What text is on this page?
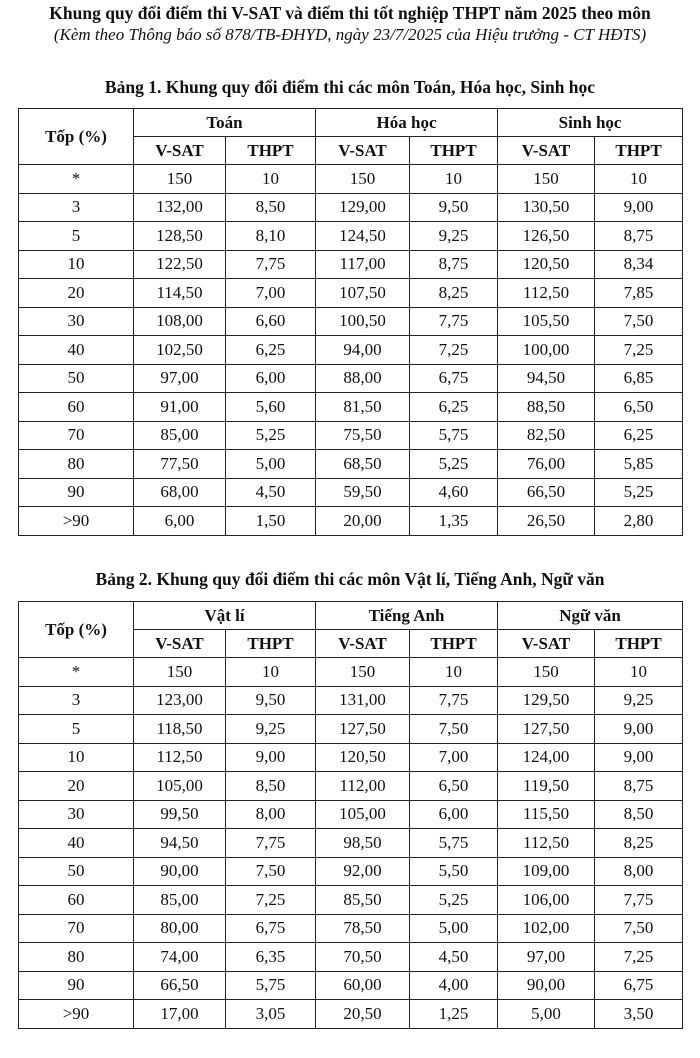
Khung quy đổi điểm thi V-SAT và điểm thi tốt nghiệp THPT năm 2025 theo môn
(Kèm theo Thông báo số 878/TB-ĐHYD, ngày 23/7/2025 của Hiệu trưởng - CT HĐTS)
Bảng 1. Khung quy đổi điểm thi các môn Toán, Hóa học, Sinh học
Tốp (%)	Toán		Hóa học		Sinh học	
	V-SAT	THPT	V-SAT	THPT	V-SAT	THPT
*	150	10	150	10	150	10
3	132,00	8,50	129,00	9,50	130,50	9,00
5	128,50	8,10	124,50	9,25	126,50	8,75
10	122,50	7,75	117,00	8,75	120,50	8,34
20	114,50	7,00	107,50	8,25	112,50	7,85
30	108,00	6,60	100,50	7,75	105,50	7,50
40	102,50	6,25	94,00	7,25	100,00	7,25
50	97,00	6,00	88,00	6,75	94,50	6,85
60	91,00	5,60	81,50	6,25	88,50	6,50
70	85,00	5,25	75,50	5,75	82,50	6,25
80	77,50	5,00	68,50	5,25	76,00	5,85
90	68,00	4,50	59,50	4,60	66,50	5,25
>90	6,00	1,50	20,00	1,35	26,50	2,80
Bảng 2. Khung quy đổi điểm thi các môn Vật lí, Tiếng Anh, Ngữ văn
Tốp (%)	Vật lí		Tiếng Anh		Ngữ văn	
	V-SAT	THPT	V-SAT	THPT	V-SAT	THPT
*	150	10	150	10	150	10
3	123,00	9,50	131,00	7,75	129,50	9,25
5	118,50	9,25	127,50	7,50	127,50	9,00
10	112,50	9,00	120,50	7,00	124,00	9,00
20	105,00	8,50	112,00	6,50	119,50	8,75
30	99,50	8,00	105,00	6,00	115,50	8,50
40	94,50	7,75	98,50	5,75	112,50	8,25
50	90,00	7,50	92,00	5,50	109,00	8,00
60	85,00	7,25	85,50	5,25	106,00	7,75
70	80,00	6,75	78,50	5,00	102,00	7,50
80	74,00	6,35	70,50	4,50	97,00	7,25
90	66,50	5,75	60,00	4,00	90,00	6,75
>90	17,00	3,05	20,50	1,25	5,00	3,50
